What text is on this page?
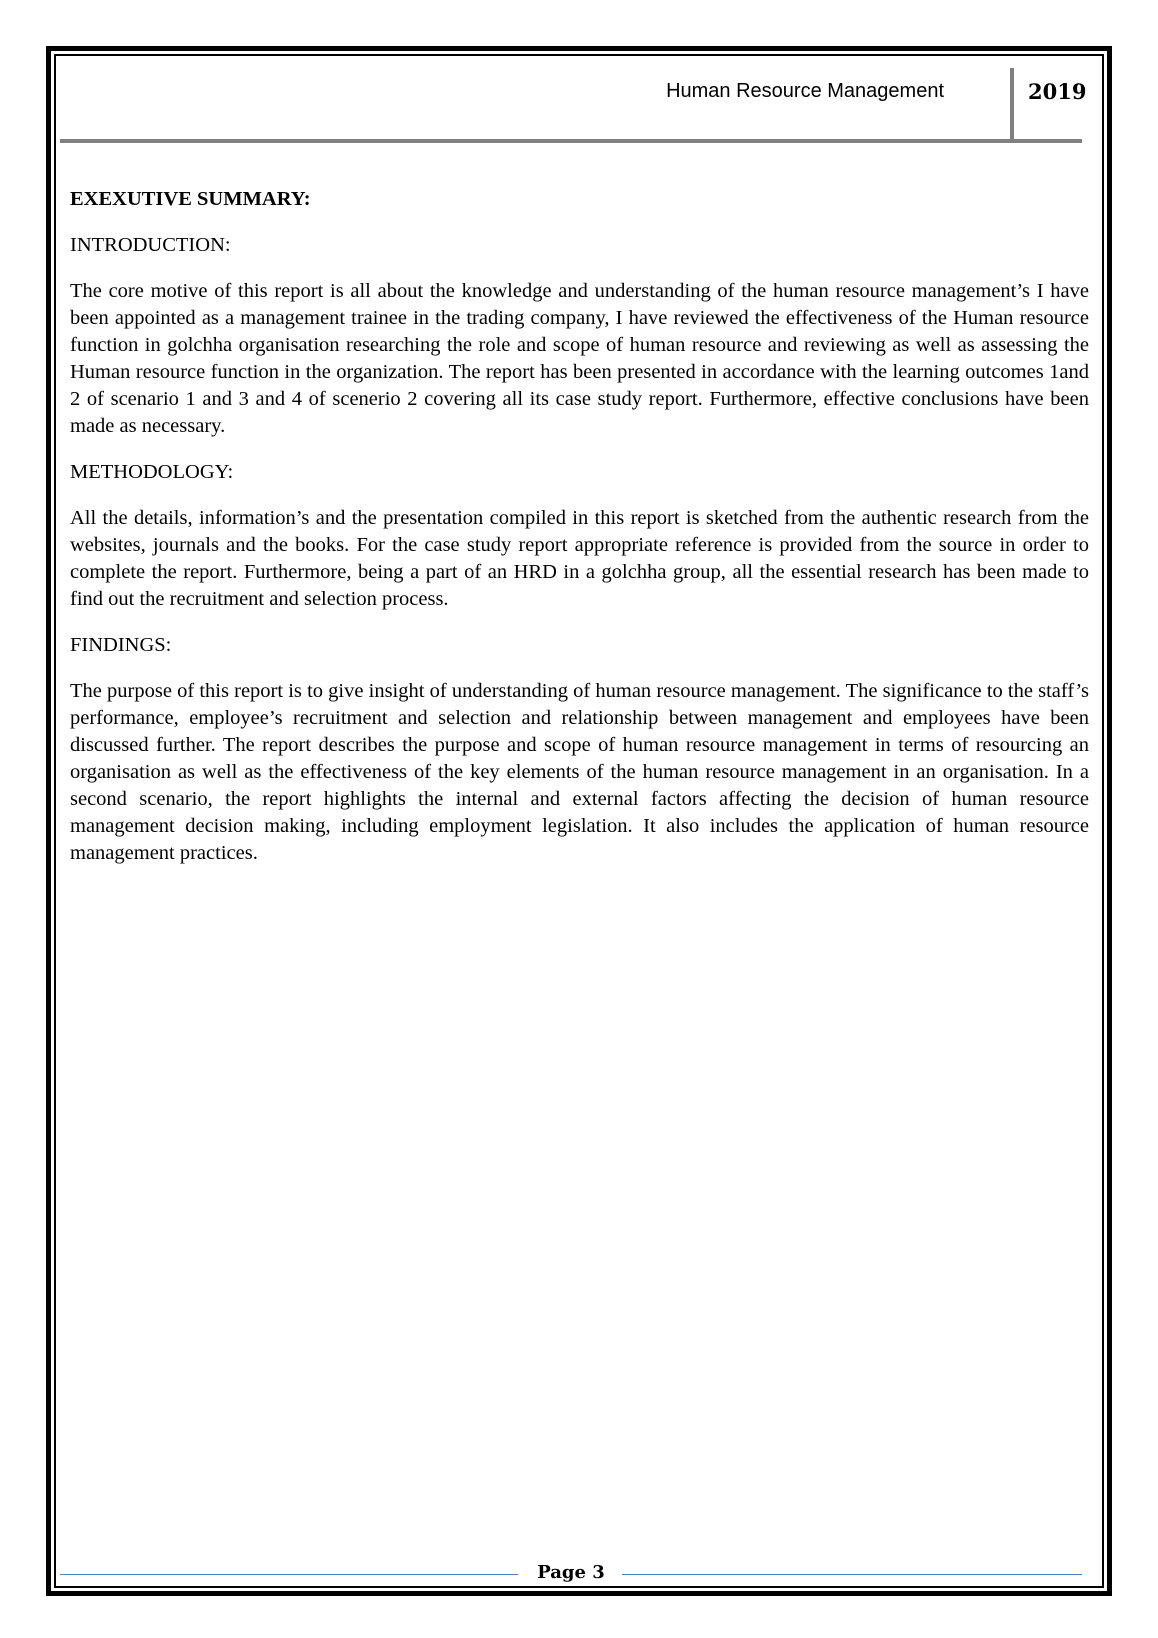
Human Resource Management	2019

EXEXUTIVE SUMMARY:

INTRODUCTION:

The core motive of this report is all about the knowledge and understanding of the human resource management’s I have been appointed as a management trainee in the trading company, I have reviewed the effectiveness of the Human resource function in golchha organisation researching the role and scope of human resource and reviewing as well as assessing the Human resource function in the organization. The report has been presented in accordance with the learning outcomes 1and 2 of scenario 1 and 3 and 4 of scenerio 2 covering all its case study report. Furthermore, effective conclusions have been made as necessary.

METHODOLOGY:

All the details, information’s and the presentation compiled in this report is sketched from the authentic research from the websites, journals and the books. For the case study report appropriate reference is provided from the source in order to complete the report. Furthermore, being a part of an HRD in a golchha group, all the essential research has been made to find out the recruitment and selection process.

FINDINGS:

The purpose of this report is to give insight of understanding of human resource management. The significance to the staff’s performance, employee’s recruitment and selection and relationship between management and employees have been discussed further. The report describes the purpose and scope of human resource management in terms of resourcing an organisation as well as the effectiveness of the key elements of the human resource management in an organisation. In a second scenario, the report highlights the internal and external factors affecting the decision of human resource management decision making, including employment legislation. It also includes the application of human resource management practices.

Page 3
